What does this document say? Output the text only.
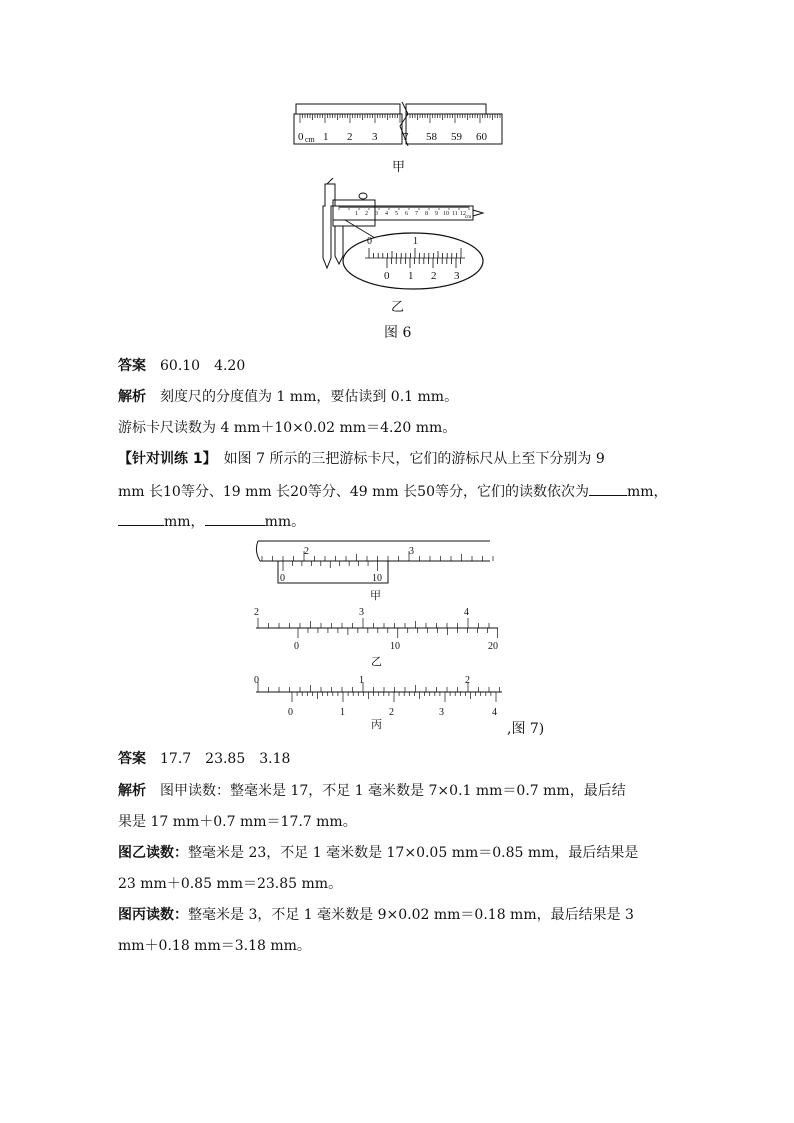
0 cm 1 2 3 7 58 59 60
甲
1 2 3 4 5 6 7 8 9 10 11 12
cm
0	1
0 1 2 3
乙
图 6
答案　 60.10　4.20
解析　 刻度尺的分度值为 1 mm，要估读到 0.1 mm。
游标卡尺读数为 4 mm＋10×0.02 mm＝4.20 mm。
【针对训练 1】　 如图 7 所示的三把游标卡尺，它们的游标尺从上至下分别为 9
mm 长10等分、19 mm 长20等分、49 mm 长50等分，它们的读数依次为	mm，
mm，	mm。
2	3
0	10
甲
2	3	4
0	10	20
乙
0	1	2
0	1	2	3	4
丙	,图 7)
答案　 17.7　23.85　3.18
解析　 图甲读数：整毫米是 17，不足 1 毫米数是 7×0.1 mm＝0.7 mm，最后结
果是 17 mm＋0.7 mm＝17.7 mm。
图乙读数：整毫米是 23，不足 1 毫米数是 17×0.05 mm＝0.85 mm，最后结果是
23 mm＋0.85 mm＝23.85 mm。
图丙读数：整毫米是 3，不足 1 毫米数是 9×0.02 mm＝0.18 mm，最后结果是 3
mm＋0.18 mm＝3.18 mm。
